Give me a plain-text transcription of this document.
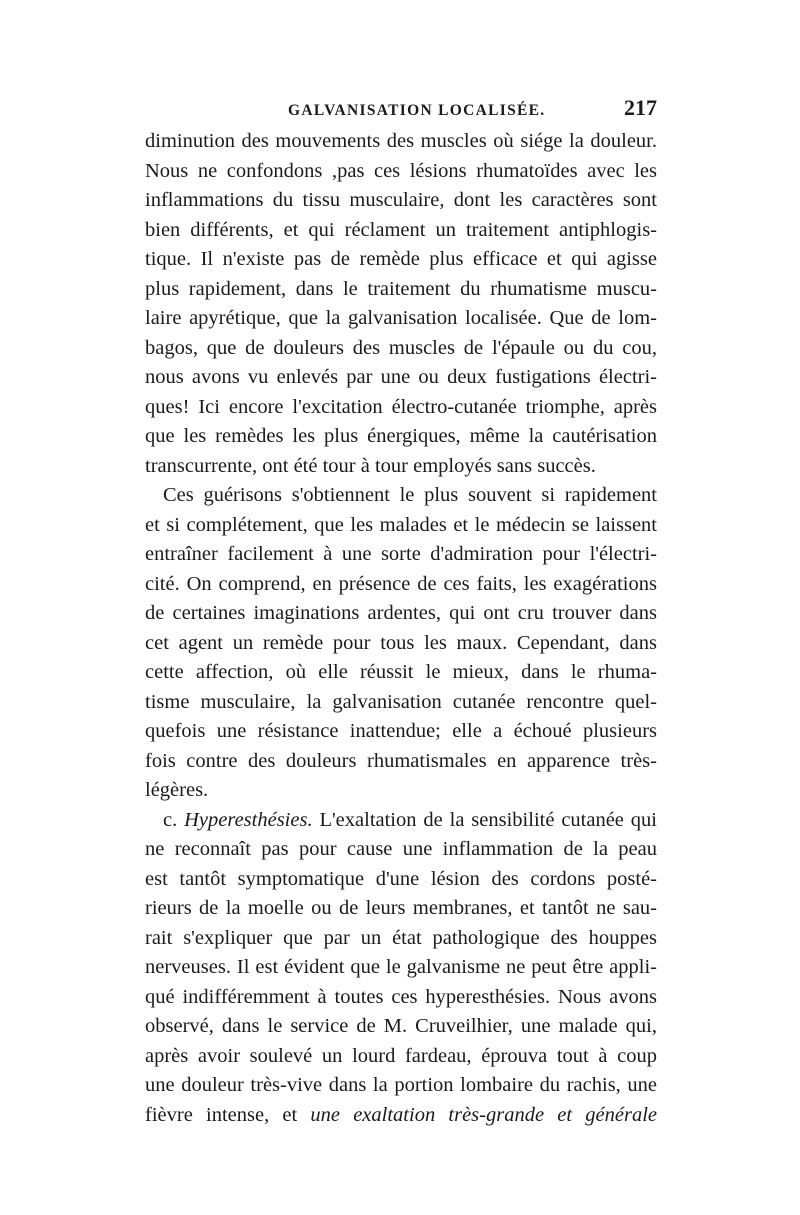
GALVANISATION LOCALISÉE.	217
diminution des mouvements des muscles où siége la douleur.
Nous ne confondons ,pas ces lésions rhumatoïdes avec les
inflammations du tissu musculaire, dont les caractères sont
bien différents, et qui réclament un traitement antiphlogis-
tique. Il n'existe pas de remède plus efficace et qui agisse
plus rapidement, dans le traitement du rhumatisme muscu-
laire apyrétique, que la galvanisation localisée. Que de lom-
bagos, que de douleurs des muscles de l'épaule ou du cou,
nous avons vu enlevés par une ou deux fustigations électri-
ques! Ici encore l'excitation électro-cutanée triomphe, après
que les remèdes les plus énergiques, même la cautérisation
transcurrente, ont été tour à tour employés sans succès.
Ces guérisons s'obtiennent le plus souvent si rapidement
et si complétement, que les malades et le médecin se laissent
entraîner facilement à une sorte d'admiration pour l'électri-
cité. On comprend, en présence de ces faits, les exagérations
de certaines imaginations ardentes, qui ont cru trouver dans
cet agent un remède pour tous les maux. Cependant, dans
cette affection, où elle réussit le mieux, dans le rhuma-
tisme musculaire, la galvanisation cutanée rencontre quel-
quefois une résistance inattendue; elle a échoué plusieurs
fois contre des douleurs rhumatismales en apparence très-
légères.
c. Hyperesthésies. L'exaltation de la sensibilité cutanée qui
ne reconnaît pas pour cause une inflammation de la peau
est tantôt symptomatique d'une lésion des cordons posté-
rieurs de la moelle ou de leurs membranes, et tantôt ne sau-
rait s'expliquer que par un état pathologique des houppes
nerveuses. Il est évident que le galvanisme ne peut être appli-
qué indifféremment à toutes ces hyperesthésies. Nous avons
observé, dans le service de M. Cruveilhier, une malade qui,
après avoir soulevé un lourd fardeau, éprouva tout à coup
une douleur très-vive dans la portion lombaire du rachis, une
fièvre intense, et une exaltation très-grande et générale
